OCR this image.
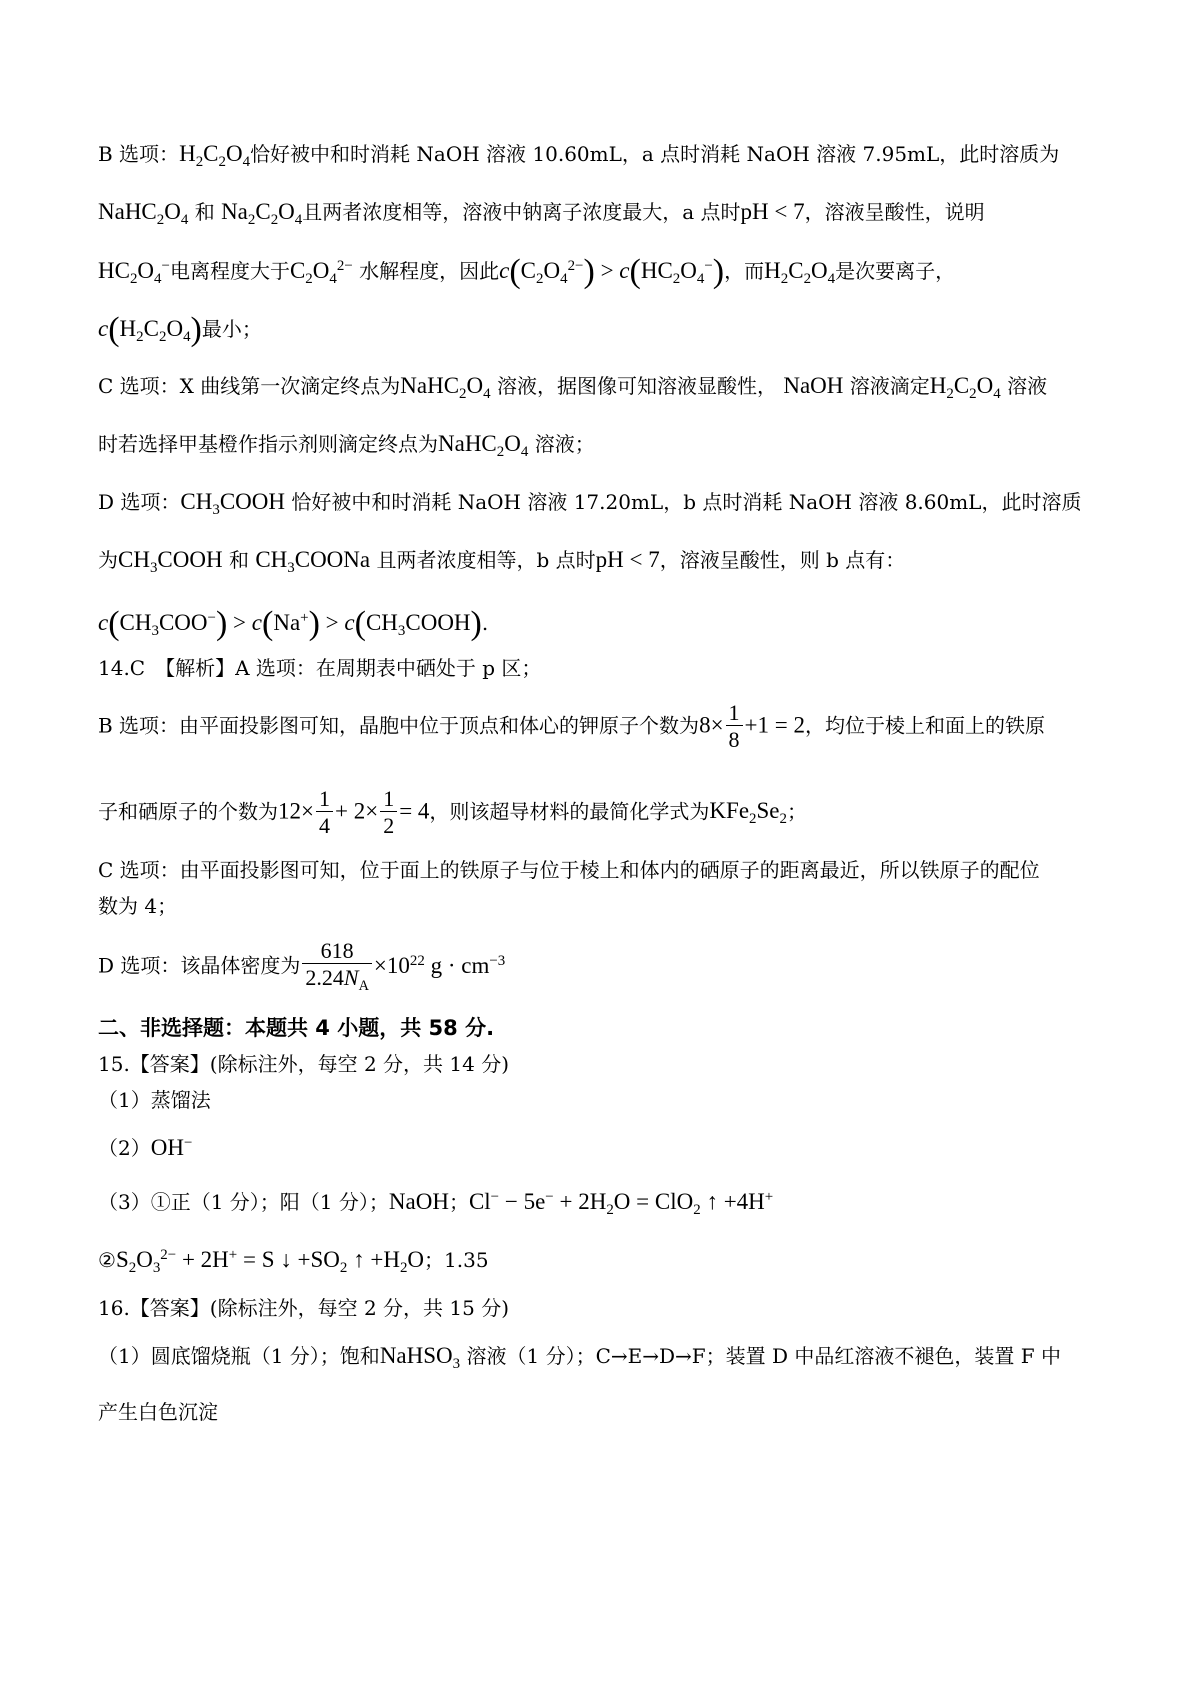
B 选项：$H_2C_2O_4$恰好被中和时消耗 NaOH 溶液 10.60mL，a 点时消耗 NaOH 溶液 7.95mL，此时溶质为
$NaHC_2O_4$ 和 $Na_2C_2O_4$且两者浓度相等，溶液中钠离子浓度最大，a 点时pH < 7，溶液呈酸性，说明
$HC_2O_4^-$电离程度大于$C_2O_4^{2-}$ 水解程度，因此$c(C_2O_4^{2-}) > c(HC_2O_4^-)$，而$H_2C_2O_4$是次要离子，
$c(H_2C_2O_4)$最小；
C 选项：X 曲线第一次滴定终点为$NaHC_2O_4$ 溶液，据图像可知溶液显酸性， NaOH 溶液滴定$H_2C_2O_4$ 溶液
时若选择甲基橙作指示剂则滴定终点为$NaHC_2O_4$ 溶液；
D 选项：$CH_3COOH$ 恰好被中和时消耗 NaOH 溶液 17.20mL，b 点时消耗 NaOH 溶液 8.60mL，此时溶质
为$CH_3COOH$ 和 $CH_3COONa$ 且两者浓度相等，b 点时pH < 7，溶液呈酸性，则 b 点有：
$c(CH_3COO^-) > c(Na^+)$ > $c(CH_3COOH)$.
14.C　【解析】A 选项：在周期表中硒处于 p 区；
B 选项：由平面投影图可知，晶胞中位于顶点和体心的钾原子个数为$8\times \frac{1}{8} +1 = 2$，均位于棱上和面上的铁原
子和硒原子的个数为$12\times \frac{1}{4} + 2\times \frac{1}{2} = 4$，则该超导材料的最简化学式为$KFe_2Se_2$；
C 选项：由平面投影图可知，位于面上的铁原子与位于棱上和体内的硒原子的距离最近，所以铁原子的配位
数为 4；
D 选项：该晶体密度为 $\frac{618}{2.24N_A} \times 10^{22}$ $g \cdot cm^{-3}$
二、非选择题：本题共 4 小题，共 58 分.
15.【答案】(除标注外，每空 2 分，共 14 分)
（1）蒸馏法
（2）OH−
（3）①正（1 分）；阳（1 分）；NaOH；$Cl^- - 5e^- + 2H_2O = ClO_2$ ↑ +4H+
$②S_2O_3^{2-} + 2H^+ = S$ ↓ $+SO_2$ ↑ $+H_2O$；1.35
16.【答案】(除标注外，每空 2 分，共 15 分)
（1）圆底馏烧瓶（1 分）；饱和NaHSO$_3$ 溶液（1 分）；C→E→D→F；装置 D 中品红溶液不褪色，装置 F 中
产生白色沉淀
